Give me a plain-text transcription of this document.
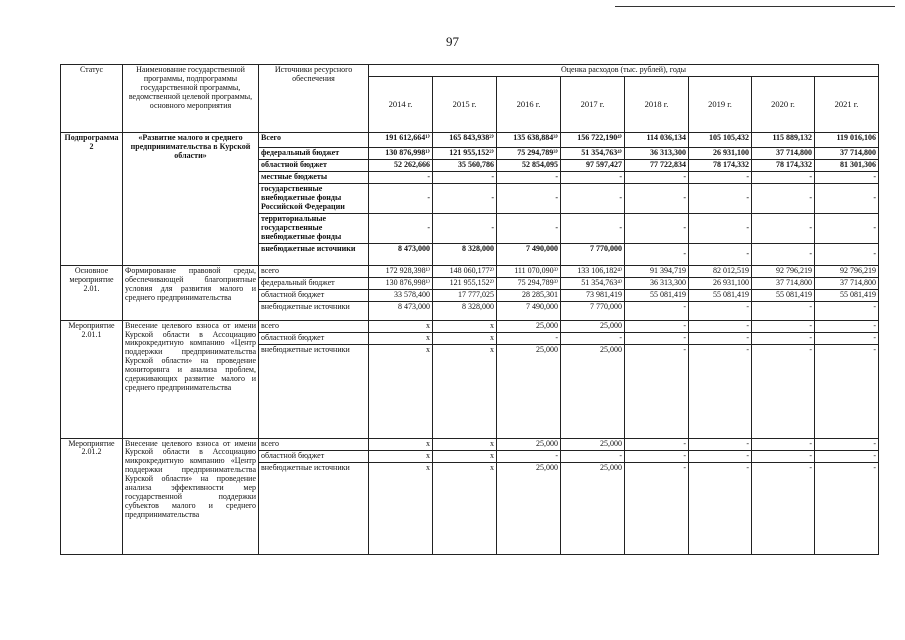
97
Статус	Наименование государственной программы, подпрограммы государственной программы, ведомственной целевой программы, основного мероприятия	Источники ресурсного обеспечения	Оценка расходов (тыс. рублей), годы							
			2014 г.	2015 г.	2016 г.	2017 г.	2018 г.	2019 г.	2020 г.	2021 г.
Подпрограмма 2	«Развитие малого и среднего предпринимательства в Курской области»	Всего	191 612,664¹⁾	165 843,938²⁾	135 638,884³⁾	156 722,190⁴⁾	114 036,134	105 105,432	115 889,132	119 016,106
		федеральный бюджет	130 876,998¹⁾	121 955,152²⁾	75 294,789³⁾	51 354,763⁴⁾	36 313,300	26 931,100	37 714,800	37 714,800
		областной бюджет	52 262,666	35 560,786	52 854,095	97 597,427	77 722,834	78 174,332	78 174,332	81 301,306
		местные бюджеты	-	-	-	-	-	-	-	-
		государственные внебюджетные фонды Российской Федерации	-	-	-	-	-	-	-	-
		территориальные государственные внебюджетные фонды	-	-	-	-	-	-	-	-
		внебюджетные источники	8 473,000	8 328,000	7 490,000	7 770,000	-	-	-	-
Основное мероприятие 2.01.	Формирование правовой среды, обеспечивающей благоприятные условия для развития малого и среднего предпринимательства	всего	172 928,398¹⁾	148 060,177²⁾	111 070,090³⁾	133 106,182⁴⁾	91 394,719	82 012,519	92 796,219	92 796,219
		федеральный бюджет	130 876,998¹⁾	121 955,152²⁾	75 294,789³⁾	51 354,763⁴⁾	36 313,300	26 931,100	37 714,800	37 714,800
		областной бюджет	33 578,400	17 777,025	28 285,301	73 981,419	55 081,419	55 081,419	55 081,419	55 081,419
		внебюджетные источники	8 473,000	8 328,000	7 490,000	7 770,000	-	-	-	-
Мероприятие 2.01.1	Внесение целевого взноса от имени Курской области в Ассоциацию микрокредитную компанию «Центр поддержки предпринимательства Курской области» на проведение мониторинга и анализа проблем, сдерживающих развитие малого и среднего предпринимательства	всего	x	x	25,000	25,000	-	-	-	-
		областной бюджет	x	x	-	-	-	-	-	-
		внебюджетные источники	x	x	25,000	25,000	-	-	-	-
Мероприятие 2.01.2	Внесение целевого взноса от имени Курской области в Ассоциацию микрокредитную компанию «Центр поддержки предпринимательства Курской области» на проведение анализа эффективности мер государственной поддержки субъектов малого и среднего предпринимательства	всего	x	x	25,000	25,000	-	-	-	-
		областной бюджет	x	x	-	-	-	-	-	-
		внебюджетные источники	x	x	25,000	25,000	-	-	-	-
